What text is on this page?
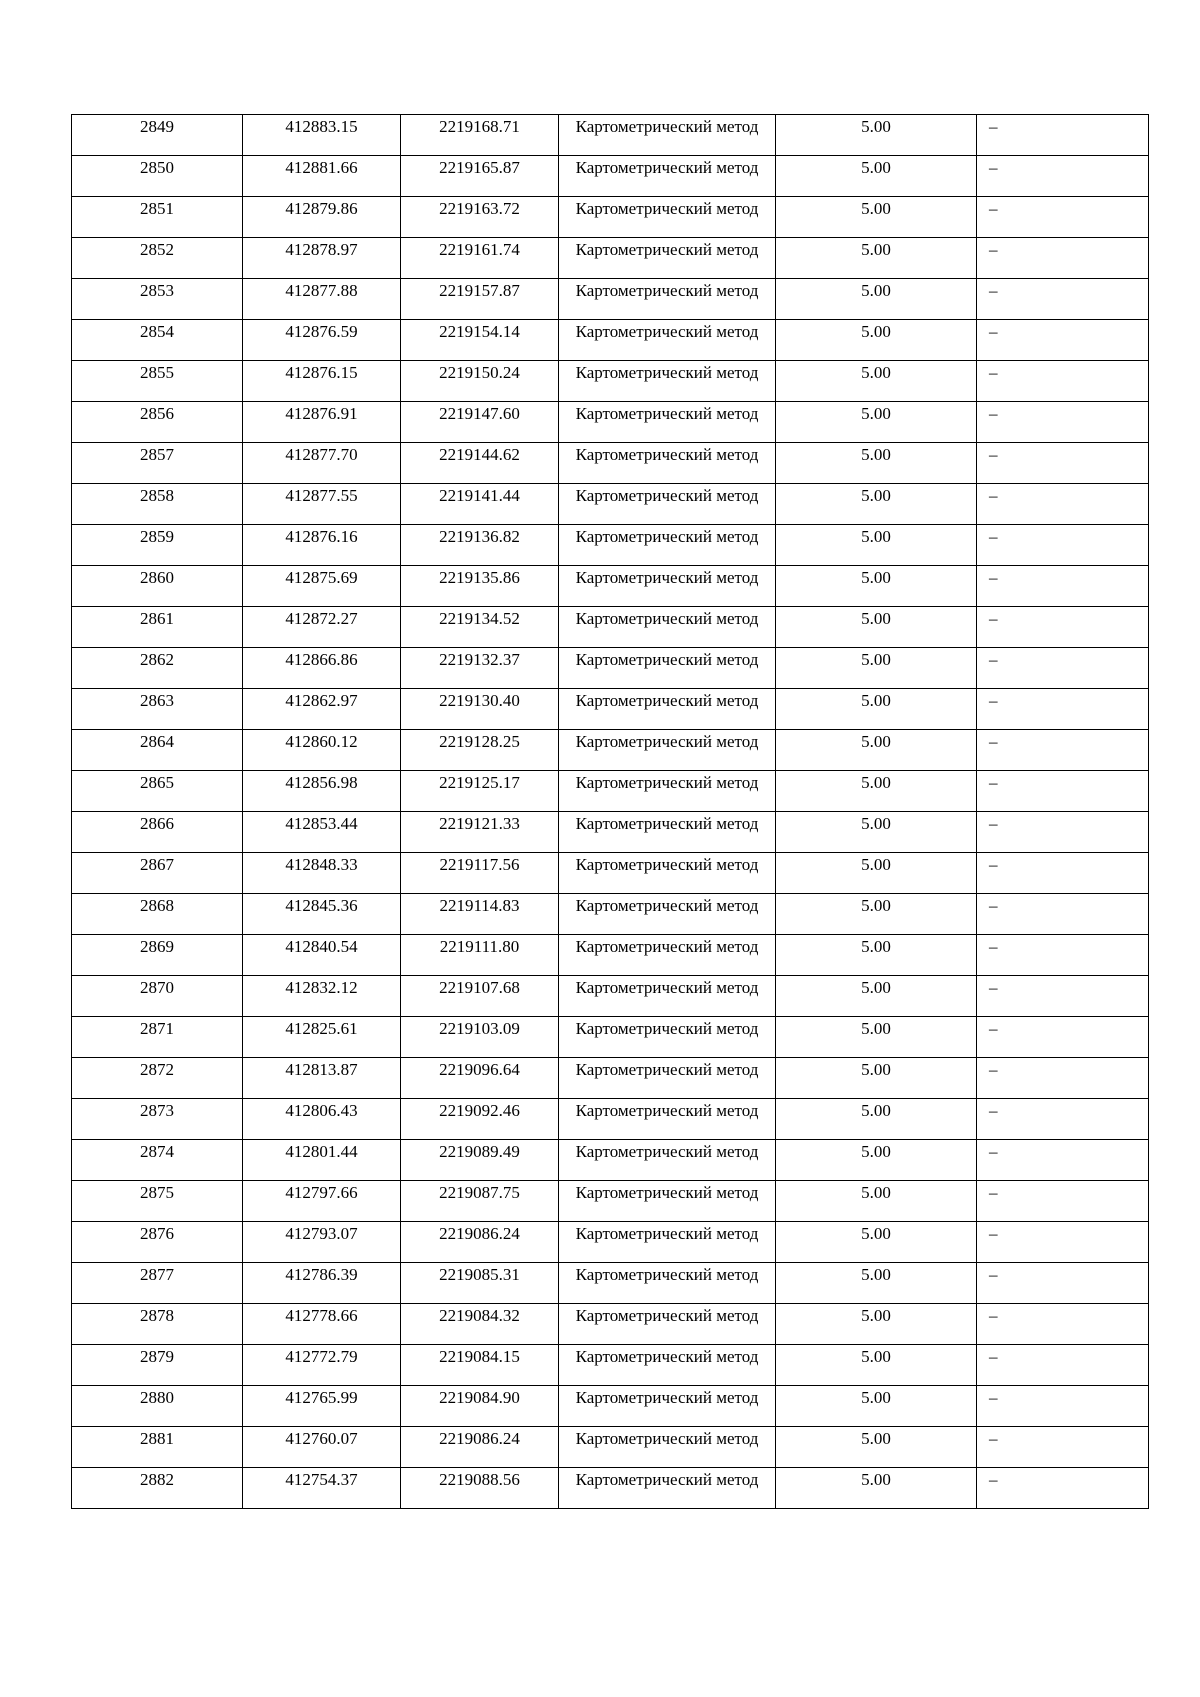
2849	412883.15	2219168.71	Картометрический метод	5.00	–
2850	412881.66	2219165.87	Картометрический метод	5.00	–
2851	412879.86	2219163.72	Картометрический метод	5.00	–
2852	412878.97	2219161.74	Картометрический метод	5.00	–
2853	412877.88	2219157.87	Картометрический метод	5.00	–
2854	412876.59	2219154.14	Картометрический метод	5.00	–
2855	412876.15	2219150.24	Картометрический метод	5.00	–
2856	412876.91	2219147.60	Картометрический метод	5.00	–
2857	412877.70	2219144.62	Картометрический метод	5.00	–
2858	412877.55	2219141.44	Картометрический метод	5.00	–
2859	412876.16	2219136.82	Картометрический метод	5.00	–
2860	412875.69	2219135.86	Картометрический метод	5.00	–
2861	412872.27	2219134.52	Картометрический метод	5.00	–
2862	412866.86	2219132.37	Картометрический метод	5.00	–
2863	412862.97	2219130.40	Картометрический метод	5.00	–
2864	412860.12	2219128.25	Картометрический метод	5.00	–
2865	412856.98	2219125.17	Картометрический метод	5.00	–
2866	412853.44	2219121.33	Картометрический метод	5.00	–
2867	412848.33	2219117.56	Картометрический метод	5.00	–
2868	412845.36	2219114.83	Картометрический метод	5.00	–
2869	412840.54	2219111.80	Картометрический метод	5.00	–
2870	412832.12	2219107.68	Картометрический метод	5.00	–
2871	412825.61	2219103.09	Картометрический метод	5.00	–
2872	412813.87	2219096.64	Картометрический метод	5.00	–
2873	412806.43	2219092.46	Картометрический метод	5.00	–
2874	412801.44	2219089.49	Картометрический метод	5.00	–
2875	412797.66	2219087.75	Картометрический метод	5.00	–
2876	412793.07	2219086.24	Картометрический метод	5.00	–
2877	412786.39	2219085.31	Картометрический метод	5.00	–
2878	412778.66	2219084.32	Картометрический метод	5.00	–
2879	412772.79	2219084.15	Картометрический метод	5.00	–
2880	412765.99	2219084.90	Картометрический метод	5.00	–
2881	412760.07	2219086.24	Картометрический метод	5.00	–
2882	412754.37	2219088.56	Картометрический метод	5.00	–
